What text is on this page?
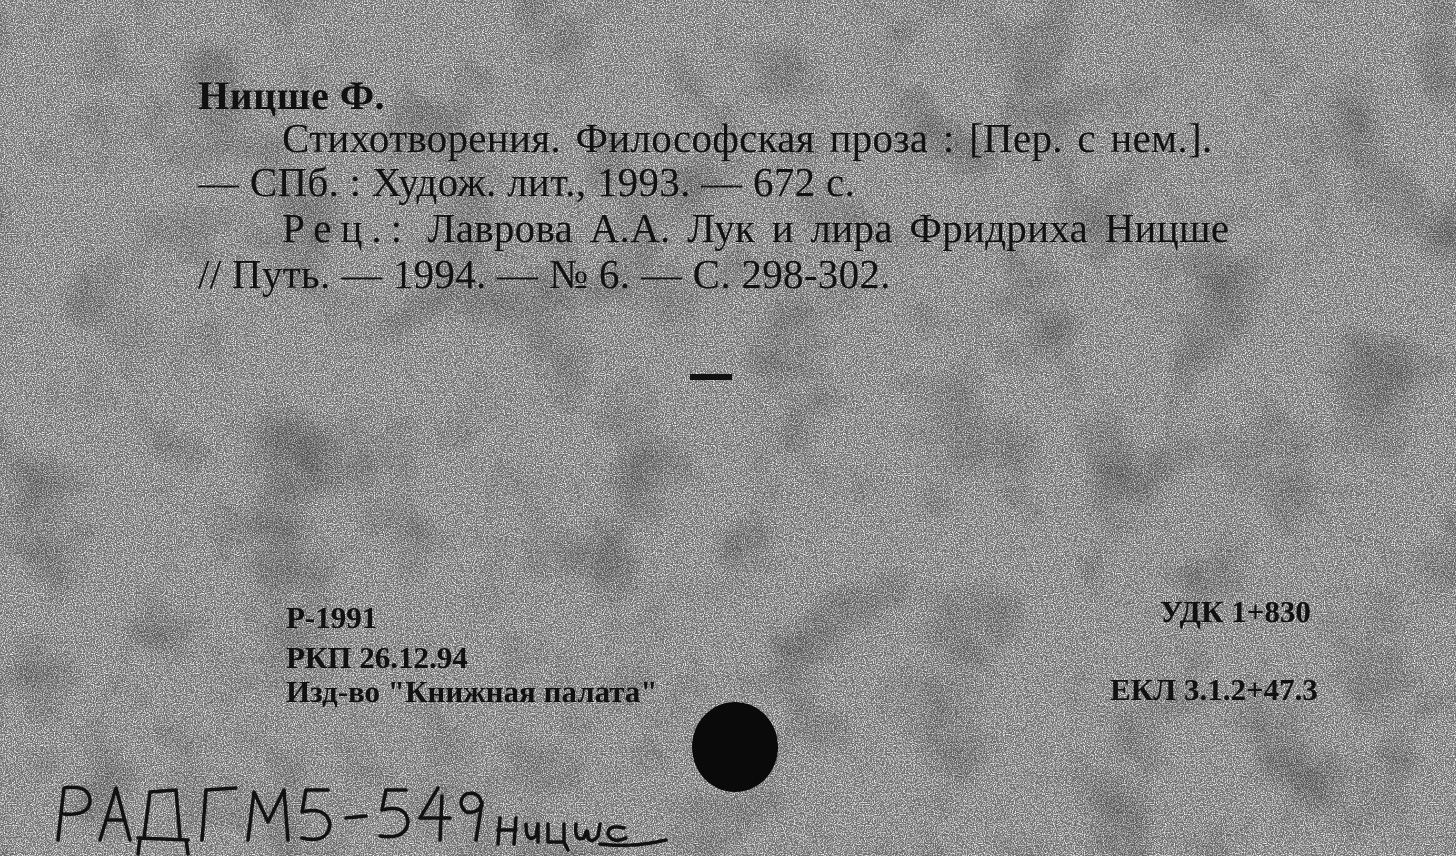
Ницше Ф.
Стихотворения. Философская проза : [Пер. с нем.].
— СПб. : Худож. лит., 1993. — 672 с.
Рец.: Лаврова А.А. Лук и лира Фридриха Ницше
// Путь. — 1994. — № 6. — С. 298-302.
Р-1991
РКП 26.12.94
Изд-во "Книжная палата"
УДК 1+830
ЕКЛ 3.1.2+47.3
